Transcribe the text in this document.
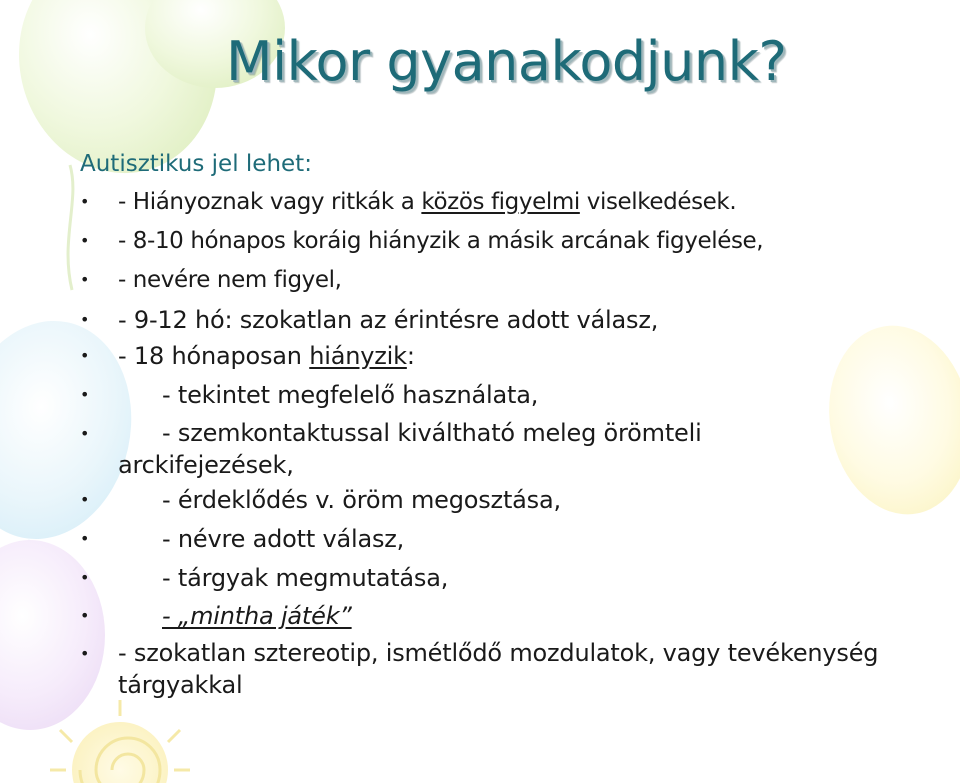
Mikor gyanakodjunk?
Autisztikus jel lehet:
• - Hiányoznak vagy ritkák a közös figyelmi viselkedések.
• - 8-10 hónapos koráig hiányzik a másik arcának figyelése,
• - nevére nem figyel,
• - 9-12 hó: szokatlan az érintésre adott válasz,
• - 18 hónaposan hiányzik:
•	- tekintet megfelelő használata,
•	- szemkontaktussal kiváltható meleg örömteli arckifejezések,
•	- érdeklődés v. öröm megosztása,
•	- névre adott válasz,
•	- tárgyak megmutatása,
•	- „mintha játék”
• - szokatlan sztereotip, ismétlődő mozdulatok, vagy tevékenység tárgyakkal
